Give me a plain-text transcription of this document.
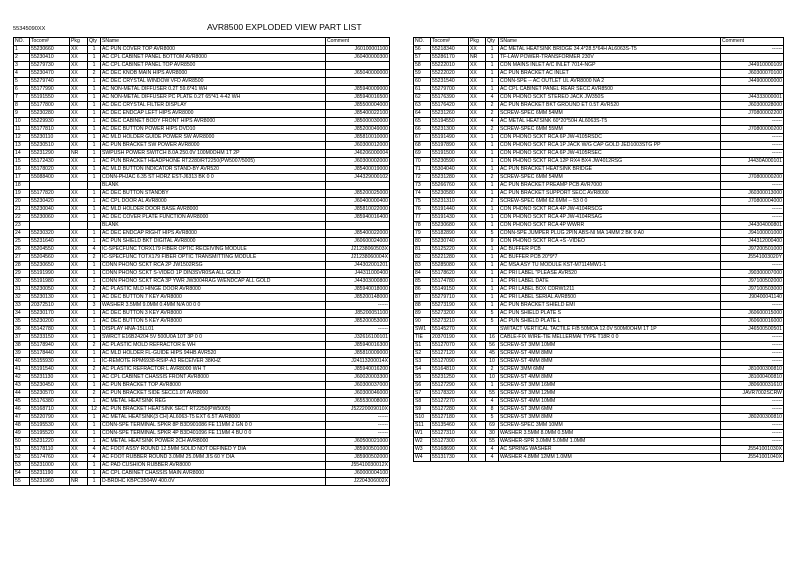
55345090XX	AVR8500 EXPLODED VIEW PART LIST
NO.	Tocom#	Pkg	Qty	SName	Comment
1	55230660	XX	1	AC PUN COVER TOP AVR8000	J60100001100
2	55230410	XX	1	AC CPL CABINET PANEL BOTTOM AVR8000	J60400000300
3	55279730	XX	1	AC CPL CABINET PANEL TOP AVR8500	
4	55230470	XX	2	AC DEC KNOB MAIN HIPS AVR8000	J65040000000
5	55279740	XX	1	AC DEC CRYSTAL WINDOW VFD AVR8500	
6	55177990	XX	1	AC NON-METAL DIFFUSER 0.2T 59.6*41 WH	J85940009000
7	55191550	XX	1	AC NON-METAL DIFFUSER PC PLATE 0.2T 65*41 4-42 WH	J85940016500
8	55177800	XX	1	AC DEC CRYSTAL FILTER DISPLAY	J85500004000
9	55230280	XX	1	AC DEC ENDCAP LEFT HIPS AVR8000	J85400022100
10	55229930	XX	1	AC DEC CABINET BODY FRONT HIPS AVR8000	J85000030000
11	55177810	XX	1	AC DEC BUTTON POWER HIPS DVD10	J85200049000
12	55230110	XX	1	AC MLD HOLDER GUIDE POWER SW AVR8000	J85810010000
13	55230510	XX	1	AC PUN BRACKET SW POWER AVR8000	J60300012000
14	55231290	NR	1	SWPUSH POWER SWITCH 8.0A 250.0V 100M0OHM 1T 2P	J46206000004
15	55172430	XX	1	AC PUN BRACKET HEADPHONE RT2280/RT2250(PW5007/5005)	J60300002000
16	55178020	XX	1	AC MLD BUTTON INDICATOR STAND-BY AVR520	J85400019000
17	55088400	XX	1	CONN-PHJAC 6.35 ST HORZ EST-J6313 BK 0 0	J44329000102
18				BLANK	
19	55177820	XX	1	AC DEC BUTTON STANDBY	J85200025000
20	55230420	XX	1	AC CPL DOOR AL AVR8000	J60400000400
21	55230040	XX	1	AC MLD HOLDER DOOR BASE AVR8000	J85810022000
22	55230060	XX	1	AC DEC COVER PLATE FUNCTION AVR8000	J85940016400
23				BLANK	
24	55230320	XX	1	AC DEC ENDCAP RIGHT HIPS AVR8000	J85400022000
25	55231640	XX	1	AC PUN SHIELD BKT DIGITAL AVR8000	J60600024000
26	55204550	XX	4	IC-SPECFUNC TORX179 FIBER OPTIC RECEIVING MODULE	J21238060503X
27	55204560	XX	2	IC-SPECFUNC TOTX179 FIBER OPTIC TRANSMITTING MODULE	J21238060004X
28	55230650	XX	1	CONN PHONO SCKT RCA 2P JW1502RSG	J44302001201
29	55191990	XX	1	CONN PHONO SCKT S-VIDEO 1P DIN3SVR0SA ALL GOLD	J44311000400
30	55191980	XX	1	CONN PHONO SCKT RCA 3P YWR JW3004RAG W/ENDCAP ALL GOLD	J44303000800
31	55230050	XX	2	AC PLASTIC MLD HINGE DOOR AVR8000	J85940018000
32	55230130	XX	1	AC DEC BUTTON 7 KEY AVR8000	J85200148000
33	20372510	XX	3	WASHER 3.5MM 9.0MM 0.4MM N/A 00 0 0	------
34	55230170	XX	1	AC DEC BUTTON 3 KEY AVR8000	J85200051100
35	55230200	XX	1	AC DEC BUTTON 5 KEY AVR8000	J85200053000
36	55142780	XX	1	DISPLAY HNA-15LL01	------
37	55233150	XX	1	SWRCT E16B24204 5V 500U0A 10T 3P 0 0	J32616100101
38	55178940	XX	2	AC PLASTIC MOLD REFRACTOR E WH	J85940016300
39	55178440	XX	1	AC MLD HOLDER FL-GUIDE HIPS 94HB AVR520	J85810009000
40	55155930	XX	1	IC-REMOTE RPM6938-RSIP-A3 RECEIVER 38KHZ	J24113200014X
41	55191540	XX	2	AC PLASTIC REFRACTOR L AVR8000 WH T	J85940016200
42	55231130	XX	1	AC CPL CABINET CHASSIS FRONT AVR8000	J60020003300
43	55230450	XX	1	AC PUN BRACKET TOP AVR8000	J60300037000
44	55230570	XX	2	AC PUN BRACKET SIDE SECC1.0T AVR8000	J60300046000
45	55176380	XX	1	AC METAL HEATSINK REG	J65530008000
46	55168710	XX	12	AC PUN BRACKET HEATSINK SECT RT2250(PW5005)	J52220009010X
47	55220790	XX	1	AC METAL HEATSINK(3 CH) AL6063-T5 EXT 6.5T AVR8000	------
48	55195530	XX	1	CONN-SPE TERMINAL SPKR 8P B3D901086 FE 11MM 2 GN 0 0	------
49	55195520	XX	1	CONN-SPE TERMINAL SPKR 4P B3D401096 FE 11MM 4 BU 0 0	------
50	55231220	XX	1	AC METAL HEATSINK POWER 2CH AVR8000	J60500021000
51	55178110	XX	4	AC FOOT ASSY ROUND 12.5MM SOLID NOT DEFINED Y DIA	J85900501000
52	55174760	XX	4	AC FOOT RUBBER ROUND 3.0MM 25.0MM JIS 60 Y DIA	J85900502000
53	55231000	XX	1	AC PAD CUSHION RUBBER AVR8000	J55410030012X
54	55231190	XX	1	AC CPL CABINET CHASSIS MAIN AVR8000	J60000004100
55	55231960	NR	1	D-BRDHC KBPC3504W 400.0V	J2204306002X
NO.	Tocom#	Pkg	Qty	SName	Comment
56	55218340	XX	1	AC METAL HEATSINK BRIDGE 34.4*28.5*64H AL6063S-T5	------
57	55286170	NR	1	TF-LAW POWER-TRANSFORMER 230V	
58	55222010	XX	1	CON MAINS INLET A/C INLET 7014-NGP	J44910000109
59	55222020	XX	1	AC PUN BRACKET AC INLET	J60300070100
60	55231540	XX	1	CONN-SPE -- AC OUTLET UL AVR8000 NA 2	J44900000000
61	55279700	XX	1	AC CPL CABINET PANEL REAR SECC AVR8500	
62	55176390	XX	4	CON PHONO SCKT STEREO JACK JW350S	J44333000001
63	55176420	XX	2	AC PUN BRACKET BKT GROUND ET 0.5T AVR520	J60300028000
64	55231260	XX	2	SCREW-SPEC 6MM 54MM	J70800002200
65	55194550	XX	4	AC METAL HEATSINK 60*20*50H AL6063S-T5	------
66	55231300	XX	2	SCREW-SPEC 6MM 55MM	J70800000200
67	55191490	XX	1	CON PHONO SCKT RCA 6P JW-4105RSDC	------
68	55197890	XX	1	CON PHONO SCKT RCA 1P JACK W/G CAP GOLD JED1003STG PP	------
69	55191500	XX	1	CON PHONO SCKT RCA 6P JW-4105RSEC	------
70	55230590	XX	1	CON PHONO SCKT RCA 12P RX4 BX4 JW4012RSG	J4430A000101
71	55304040	XX	1	AC PUN BRACKET HEATSINK BRIDGE	
72	55231280	XX	2	SCREW-SPEC 6MM 54MM	J70800000200
73	55266760	XX	1	AC PUN BRACKET PREAMP PCB AVR7000	------
74	55230580	XX	1	AC PUN BRACKET SUPPORT SECC AVR8000	J60300013000
75	55231310	XX	2	SCREW-SPEC 6MM 62.6MM -- 53 0 0	J70800004000
76	55191440	XX	1	CON PHONO SCKT RCA 4P JW-4104RSCG	------
77	55191430	XX	1	CON PHONO SCKT RCA 4P JW-4104RSAG	------
78	55230680	XX	1	CON PHONO SCKT RCA 4P WWRR	J44304000801
79	55182890	XX	5	CONN-SPE JUMPER PLUG 2PIN ABS-NI MA 14MM 2 BK 0 A0	J94100001000
80	55230740	XX	9	CON PHONO SCKT RCA +S -VIDEO	J44312000400
81	55125220	XX	1	AC BUFFER PCB	J97200501000
82	55221280	XX	1	AC BUFFER PCB 20*9*7	J5541003020Y
83	55285080	XX	1	AC MSA ASY TU MODULE KST-M7114MW1-1	------
84	55178620	XX	1	AC PRI LABEL "PLEASE AVR520	J90300007000
85	55174780	XX	1	AC PRI LABEL DATE	J97100502000
86	55149150	XX	1	AC PRI LABEL BOX CDRW1211	J97100503000
87	55279710	XX	1	AC PRI LABEL SERIAL AVR8500	J90400041140
88	55273190	XX	1	AC PUN BRACKET SHIELD EMI	------
89	55273200	XX	5	AC PUN SHIELD PLATE S	J60600015000
90	55273210	XX	5	AC PUN SHIELD PLATE L	J60600016000
SW1	55145270	XX		SWITACT VERTICAL TACTILE F/B 50MOA 12.0V 500M0OHM 1T 1P	J46500500501
TIE	20370190	XX	16	CABLE-FIX WIRE-TIE MELLERMAI TYPE T18R 0 0	------
S1	55127070	XX	56	SCREW-ST 3MM 10MM	------
S2	55127120	XX	45	SCREW-ST 4MM 8MM	------
S3	55127090	XX	10	SCREW-ST 4MM 8MM	------
S4	55164810	XX	2	SCREW 3MM 6MM	J81000300810
S5	55231250	XX	10	SCREW-ST 4MM 8MM	J81000400810
S6	55127290	XX	1	SCREW-ST 3MM 16MM	J80600031610
S7	55178320	XX	55	SCREW-ST 3MM 12MM	JAVR7002SCRW
S8	55127270	XX	4	SCREW-ST 4MM 10MM	------
S9	55127280	XX	8	SCREW-ST 3MM 6MM	------
S10	55127180	XX	5	SCREW-ST 3MM 8MM	J80200300810
S11	55135460	XX	69	SCREW-SPEC 3MM 10MM	------
W1	55127310	XX	30	WASHER 3.5MM 8.0MM 0.5MM	------
W2	55127300	XX	55	WASHER-SPR 3.0MM 5.0MM 1.0MM	------
W3	55168690	XX	4	AC SPRING WASHER	J5541001030X
W4	55131730	XX	4	WASHER 4.8MM 12MM 1.0MM	J5541001040X
